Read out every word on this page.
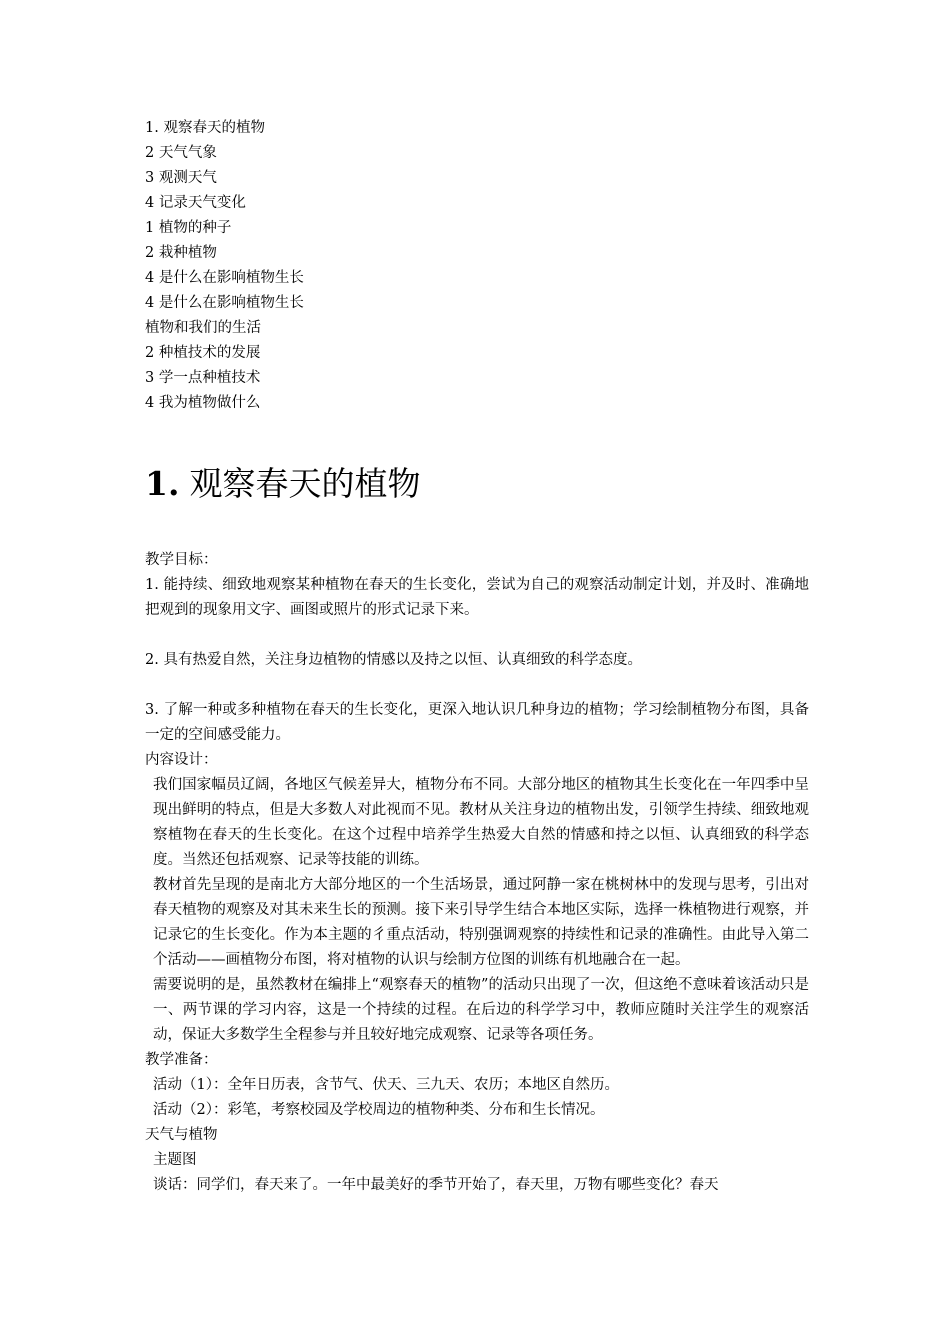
1. 观察春天的植物
2 天气气象
3 观测天气
4 记录天气变化
1 植物的种子
2 栽种植物
4 是什么在影响植物生长
4 是什么在影响植物生长
植物和我们的生活
2 种植技术的发展
3 学一点种植技术
4 我为植物做什么
1. 观察春天的植物

教学目标：

1. 能持续、细致地观察某种植物在春天的生长变化，尝试为自己的观察活动制定计划，并及时、准确地把观到的现象用文字、画图或照片的形式记录下来。

2. 具有热爱自然，关注身边植物的情感以及持之以恒、认真细致的科学态度。

3. 了解一种或多种植物在春天的生长变化，更深入地认识几种身边的植物；学习绘制植物分布图，具备一定的空间感受能力。

内容设计：

我们国家幅员辽阔，各地区气候差异大，植物分布不同。大部分地区的植物其生长变化在一年四季中呈现出鲜明的特点，但是大多数人对此视而不见。教材从关注身边的植物出发，引领学生持续、细致地观察植物在春天的生长变化。在这个过程中培养学生热爱大自然的情感和持之以恒、认真细致的科学态度。当然还包括观察、记录等技能的训练。

教材首先呈现的是南北方大部分地区的一个生活场景，通过阿静一家在桃树林中的发现与思考，引出对春天植物的观察及对其未来生长的预测。接下来引导学生结合本地区实际，选择一株植物进行观察，并记录它的生长变化。作为本主题的彳重点活动，特别强调观察的持续性和记录的准确性。由此导入第二个活动——画植物分布图，将对植物的认识与绘制方位图的训练有机地融合在一起。

需要说明的是，虽然教材在编排上“观察春天的植物”的活动只出现了一次，但这绝不意味着该活动只是一、两节课的学习内容，这是一个持续的过程。在后边的科学学习中，教师应随时关注学生的观察活动，保证大多数学生全程参与并且较好地完成观察、记录等各项任务。

教学准备：

活动（1）：全年日历表，含节气、伏天、三九天、农历；本地区自然历。

活动（2）：彩笔，考察校园及学校周边的植物种类、分布和生长情况。

天气与植物

主题图

谈话：同学们，春天来了。一年中最美好的季节开始了，春天里，万物有哪些变化？春天
